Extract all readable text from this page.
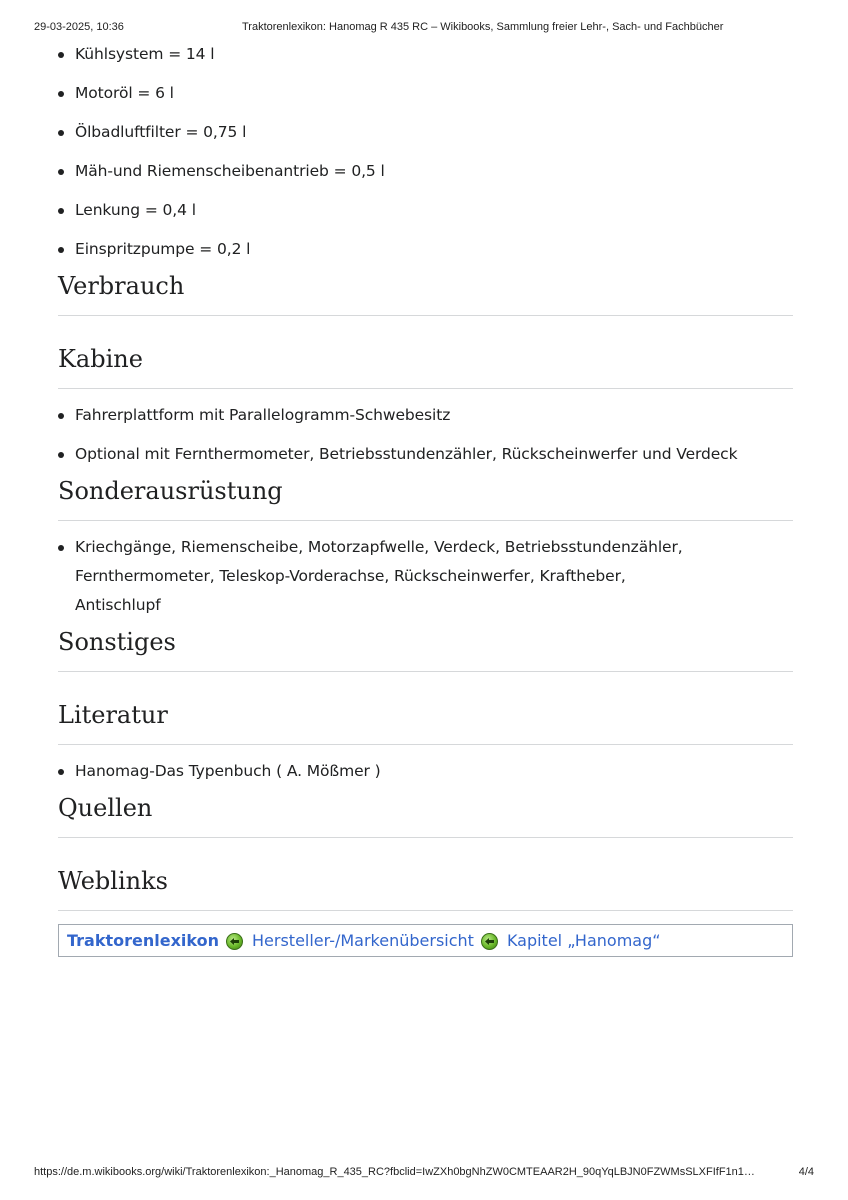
29-03-2025, 10:36	Traktorenlexikon: Hanomag R 435 RC – Wikibooks, Sammlung freier Lehr-, Sach- und Fachbücher
Kühlsystem = 14 l
Motoröl = 6 l
Ölbadluftfilter = 0,75 l
Mäh-und Riemenscheibenantrieb = 0,5 l
Lenkung = 0,4 l
Einspritzpumpe = 0,2 l
Verbrauch
Kabine
Fahrerplattform mit Parallelogramm-Schwebesitz
Optional mit Fernthermometer, Betriebsstundenzähler, Rückscheinwerfer und Verdeck
Sonderausrüstung
Kriechgänge, Riemenscheibe, Motorzapfwelle, Verdeck, Betriebsstundenzähler, Fernthermometer, Teleskop-Vorderachse, Rückscheinwerfer, Kraftheber, Antischlupf
Sonstiges
Literatur
Hanomag-Das Typenbuch ( A. Mößmer )
Quellen
Weblinks
Traktorenlexikon Hersteller-/Markenübersicht Kapitel „Hanomag“
https://de.m.wikibooks.org/wiki/Traktorenlexikon:_Hanomag_R_435_RC?fbclid=IwZXh0bgNhZW0CMTEAAR2H_90qYqLBJN0FZWMsSLXFIfF1n1…	4/4
